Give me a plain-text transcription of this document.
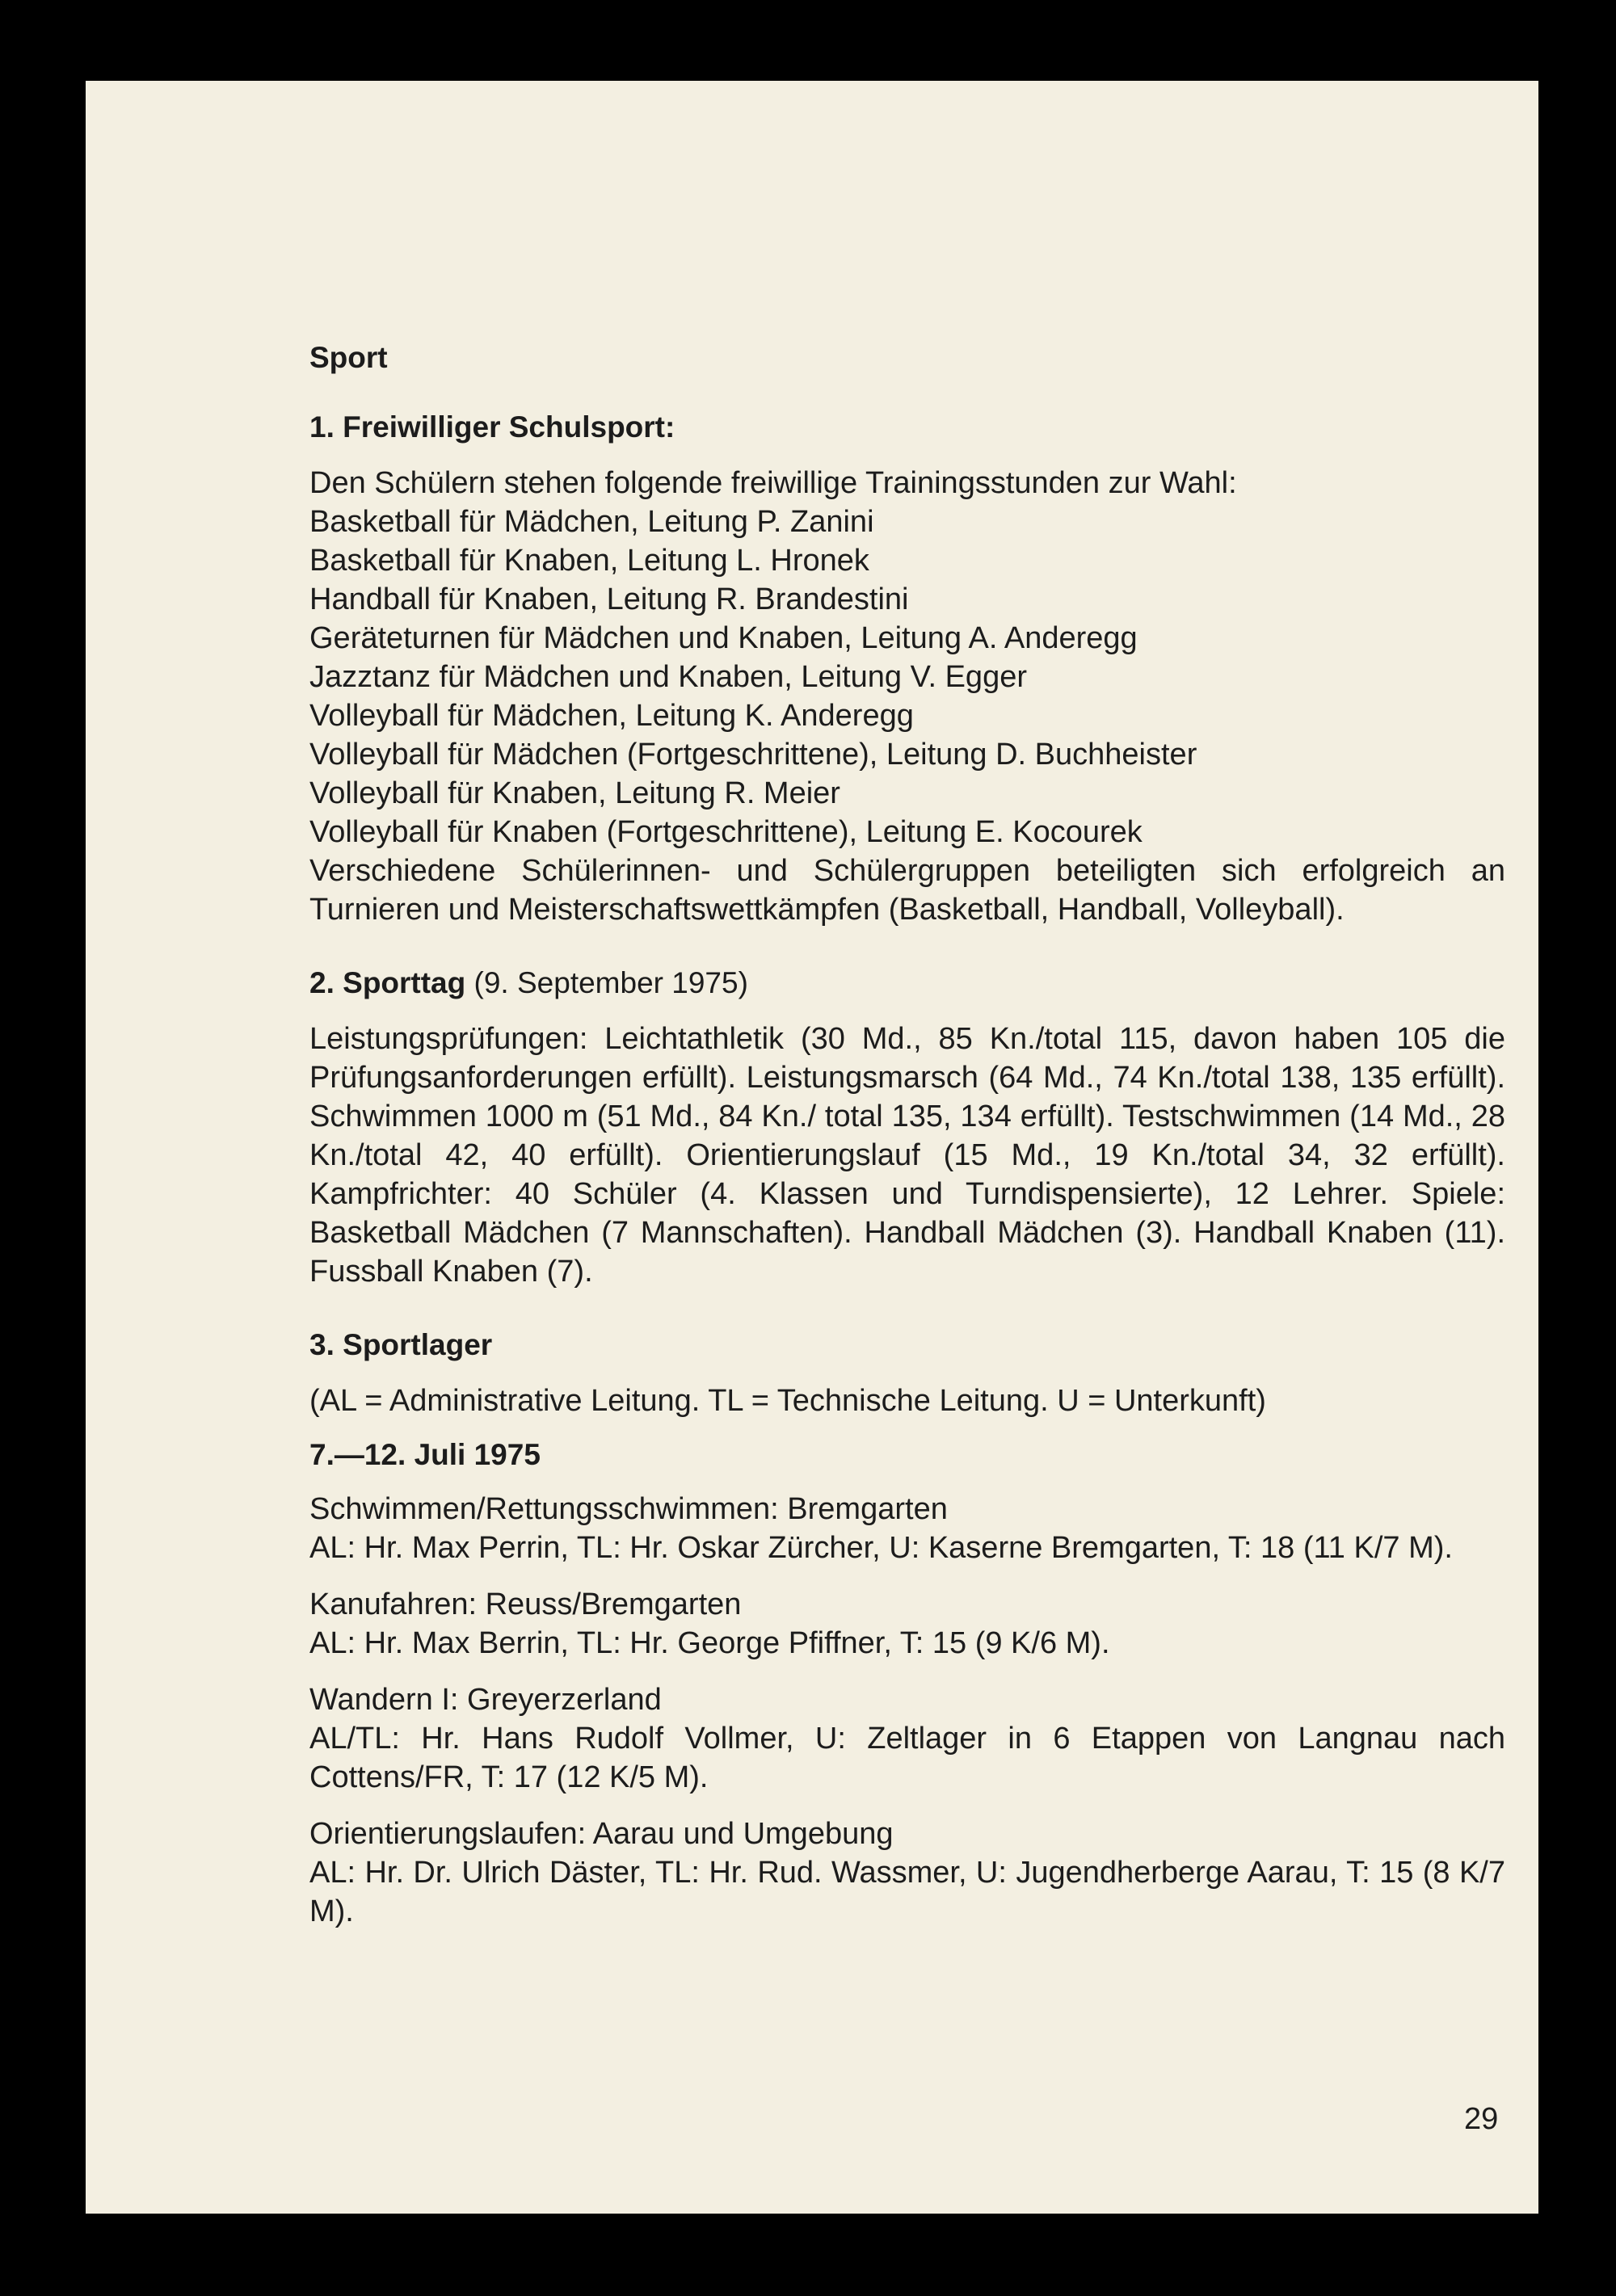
Sport
1. Freiwilliger Schulsport:
Den Schülern stehen folgende freiwillige Trainingsstunden zur Wahl:
Basketball für Mädchen, Leitung P. Zanini
Basketball für Knaben, Leitung L. Hronek
Handball für Knaben, Leitung R. Brandestini
Geräteturnen für Mädchen und Knaben, Leitung A. Anderegg
Jazztanz für Mädchen und Knaben, Leitung V. Egger
Volleyball für Mädchen, Leitung K. Anderegg
Volleyball für Mädchen (Fortgeschrittene), Leitung D. Buchheister
Volleyball für Knaben, Leitung R. Meier
Volleyball für Knaben (Fortgeschrittene), Leitung E. Kocourek
Verschiedene Schülerinnen- und Schülergruppen beteiligten sich erfolgreich an Turnieren und Meisterschaftswettkämpfen (Basketball, Handball, Volleyball).
2. Sporttag (9. September 1975)
Leistungsprüfungen: Leichtathletik (30 Md., 85 Kn./total 115, davon haben 105 die Prüfungsanforderungen erfüllt). Leistungsmarsch (64 Md., 74 Kn./total 138, 135 erfüllt). Schwimmen 1000 m (51 Md., 84 Kn./ total 135, 134 erfüllt). Testschwimmen (14 Md., 28 Kn./total 42, 40 erfüllt). Orientierungslauf (15 Md., 19 Kn./total 34, 32 erfüllt). Kampfrichter: 40 Schüler (4. Klassen und Turndispensierte), 12 Lehrer. Spiele: Basketball Mädchen (7 Mannschaften). Handball Mädchen (3). Handball Knaben (11). Fussball Knaben (7).
3. Sportlager
(AL = Administrative Leitung. TL = Technische Leitung. U = Unterkunft)
7.—12. Juli 1975
Schwimmen/Rettungsschwimmen: Bremgarten
AL: Hr. Max Perrin, TL: Hr. Oskar Zürcher, U: Kaserne Bremgarten, T: 18 (11 K/7 M).
Kanufahren: Reuss/Bremgarten
AL: Hr. Max Berrin, TL: Hr. George Pfiffner, T: 15 (9 K/6 M).
Wandern I: Greyerzerland
AL/TL: Hr. Hans Rudolf Vollmer, U: Zeltlager in 6 Etappen von Langnau nach Cottens/FR, T: 17 (12 K/5 M).
Orientierungslaufen: Aarau und Umgebung
AL: Hr. Dr. Ulrich Däster, TL: Hr. Rud. Wassmer, U: Jugendherberge Aarau, T: 15 (8 K/7 M).
29
